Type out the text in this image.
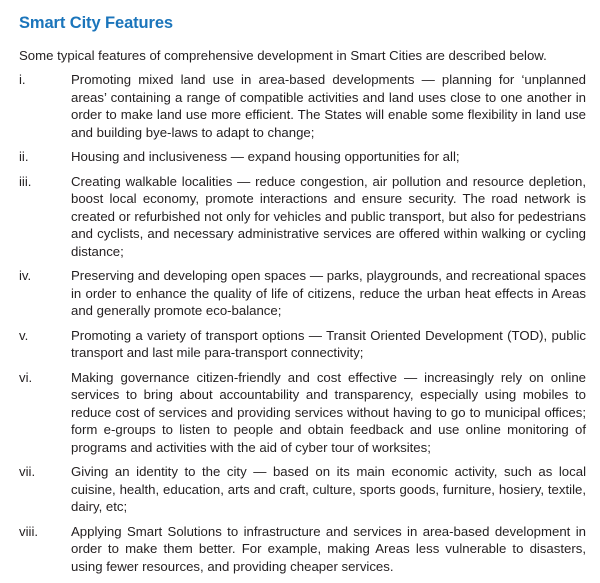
Smart City Features
Some typical features of comprehensive development in Smart Cities are described below.
i.	Promoting mixed land use in area-based developments — planning for ‘unplanned areas’ containing a range of compatible activities and land uses close to one another in order to make land use more efficient. The States will enable some flexibility in land use and building bye-laws to adapt to change;
ii.	Housing and inclusiveness — expand housing opportunities for all;
iii.	Creating walkable localities — reduce congestion, air pollution and resource depletion, boost local economy, promote interactions and ensure security. The road network is created or refurbished not only for vehicles and public transport, but also for pedestrians and cyclists, and necessary administrative services are offered within walking or cycling distance;
iv.	Preserving and developing open spaces — parks, playgrounds, and recreational spaces in order to enhance the quality of life of citizens, reduce the urban heat effects in Areas and generally promote eco-balance;
v.	Promoting a variety of transport options — Transit Oriented Development (TOD), public transport and last mile para-transport connectivity;
vi.	Making governance citizen-friendly and cost effective — increasingly rely on online services to bring about accountability and transparency, especially using mobiles to reduce cost of services and providing services without having to go to municipal offices; form e-groups to listen to people and obtain feedback and use online monitoring of programs and activities with the aid of cyber tour of worksites;
vii.	Giving an identity to the city — based on its main economic activity, such as local cuisine, health, education, arts and craft, culture, sports goods, furniture, hosiery, textile, dairy, etc;
viii.	Applying Smart Solutions to infrastructure and services in area-based development in order to make them better. For example, making Areas less vulnerable to disasters, using fewer resources, and providing cheaper services.
